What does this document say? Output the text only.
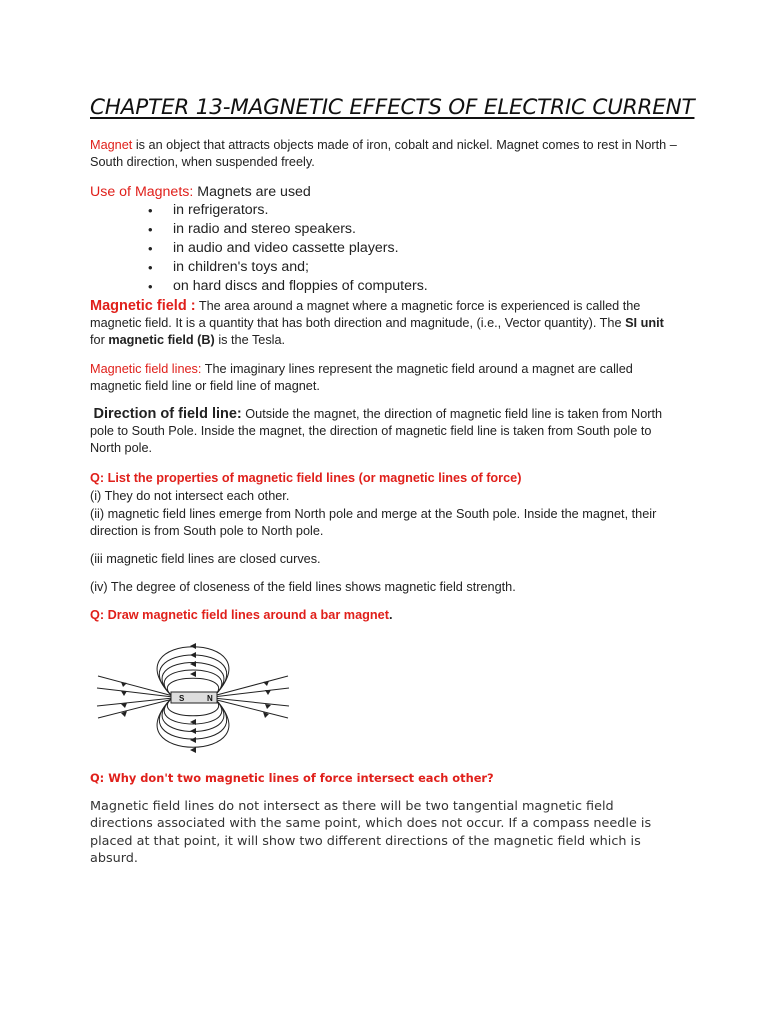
CHAPTER 13-MAGNETIC EFFECTS OF ELECTRIC CURRENT

Magnet is an object that attracts objects made of iron, cobalt and nickel. Magnet comes to rest in North – South direction, when suspended freely.

Use of Magnets: Magnets are used
• in refrigerators.
• in radio and stereo speakers.
• in audio and video cassette players.
• in children's toys and;
• on hard discs and floppies of computers.

Magnetic field : The area around a magnet where a magnetic force is experienced is called the magnetic field. It is a quantity that has both direction and magnitude, (i.e., Vector quantity). The SI unit for magnetic field (B) is the Tesla.

Magnetic field lines: The imaginary lines represent the magnetic field around a magnet are called magnetic field line or field line of magnet.

Direction of field line: Outside the magnet, the direction of magnetic field line is taken from North pole to South Pole. Inside the magnet, the direction of magnetic field line is taken from South pole to North pole.

Q: List the properties of magnetic field lines (or magnetic lines of force)

(i) They do not intersect each other.

(ii) magnetic field lines emerge from North pole and merge at the South pole. Inside the magnet, their direction is from South pole to North pole.

(iii magnetic field lines are closed curves.

(iv) The degree of closeness of the field lines shows magnetic field strength.

Q: Draw magnetic field lines around a bar magnet.

Q: Why don't two magnetic lines of force intersect each other?

Magnetic field lines do not intersect as there will be two tangential magnetic field directions associated with the same point, which does not occur. If a compass needle is placed at that point, it will show two different directions of the magnetic field which is absurd.

S	N
